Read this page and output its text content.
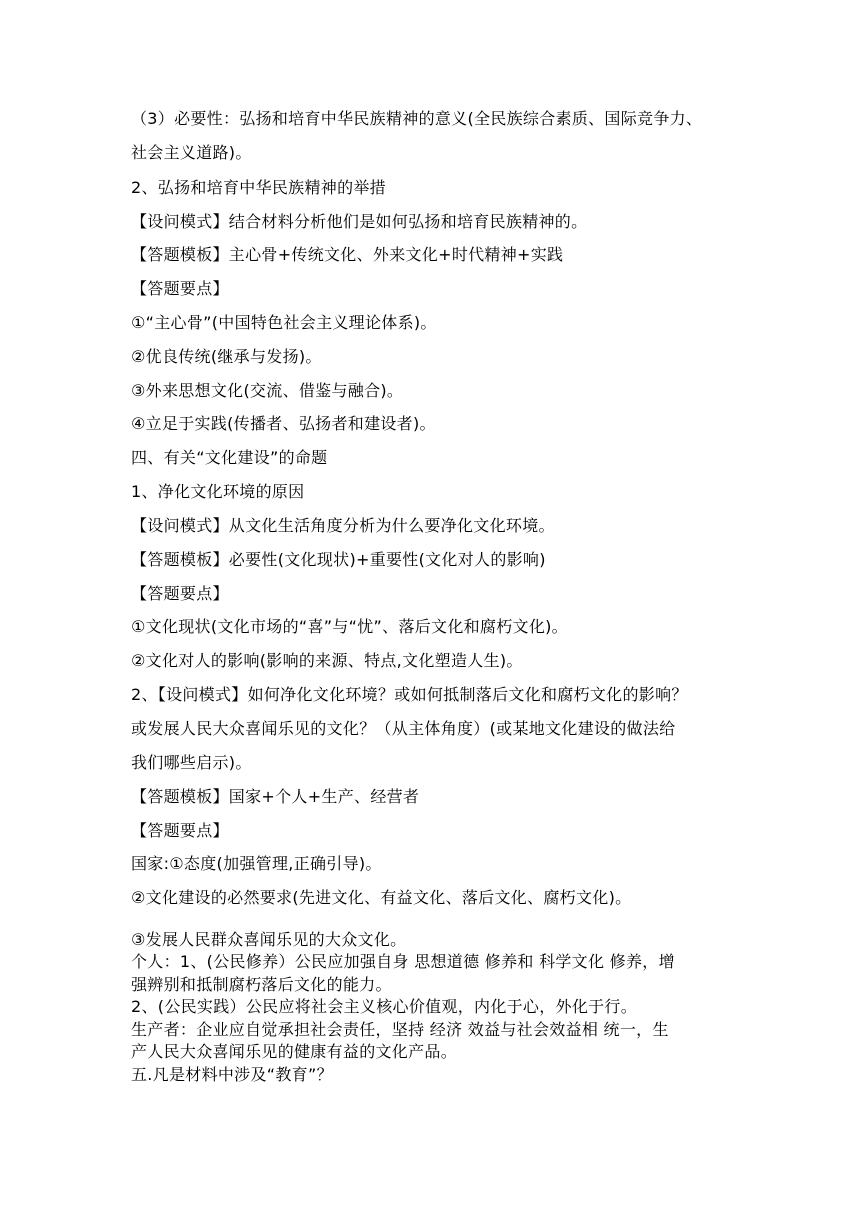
（3）必要性：弘扬和培育中华民族精神的意义(全民族综合素质、国际竞争力、
社会主义道路)。
2、弘扬和培育中华民族精神的举措
【设问模式】结合材料分析他们是如何弘扬和培育民族精神的。
【答题模板】主心骨+传统文化、外来文化+时代精神+实践
【答题要点】
①“主心骨”(中国特色社会主义理论体系)。
②优良传统(继承与发扬)。
③外来思想文化(交流、借鉴与融合)。
④立足于实践(传播者、弘扬者和建设者)。
四、有关“文化建设”的命题
1、净化文化环境的原因
【设问模式】从文化生活角度分析为什么要净化文化环境。
【答题模板】必要性(文化现状)+重要性(文化对人的影响)
【答题要点】
①文化现状(文化市场的“喜”与“忧”、落后文化和腐朽文化)。
②文化对人的影响(影响的来源、特点,文化塑造人生)。
2、【设问模式】如何净化文化环境？或如何抵制落后文化和腐朽文化的影响？
或发展人民大众喜闻乐见的文化？（从主体角度）(或某地文化建设的做法给
我们哪些启示)。
【答题模板】国家+个人+生产、经营者
【答题要点】
国家:①态度(加强管理,正确引导)。
②文化建设的必然要求(先进文化、有益文化、落后文化、腐朽文化)。
③发展人民群众喜闻乐见的大众文化。
个人：1、(公民修养）公民应加强自身 思想道德 修养和 科学文化 修养，增
强辨别和抵制腐朽落后文化的能力。
2、(公民实践）公民应将社会主义核心价值观，内化于心，外化于行。
生产者：企业应自觉承担社会责任，坚持 经济 效益与社会效益相 统一，生
产人民大众喜闻乐见的健康有益的文化产品。
五.凡是材料中涉及“教育”？
